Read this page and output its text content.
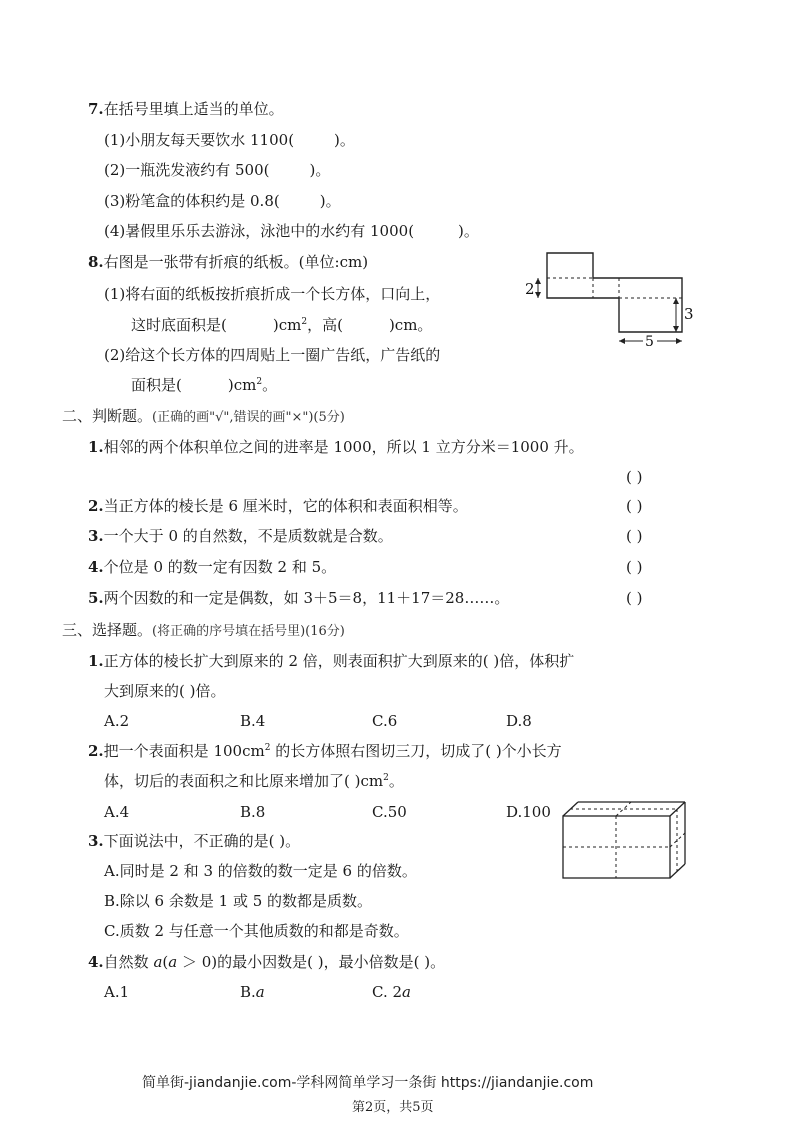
7.在括号里填上适当的单位。
(1)小朋友每天要饮水 1100(	)。
(2)一瓶洗发液约有 500(	)。
(3)粉笔盒的体积约是 0.8(	)。
(4)暑假里乐乐去游泳，泳池中的水约有 1000(	)。
8.右图是一张带有折痕的纸板。(单位:cm)
(1)将右面的纸板按折痕折成一个长方体，口向上，
这时底面积是(	)$cm^2$，高(	)cm。
(2)给这个长方体的四周贴上一圈广告纸，广告纸的
面积是(	)$cm^2$。
2
3
5
二、判断题。(正确的画"√",错误的画"×")(5分)
1.相邻的两个体积单位之间的进率是 1000，所以 1 立方分米＝1000 升。
( )
2.当正方体的棱长是 6 厘米时，它的体积和表面积相等。	( )
3.一个大于 0 的自然数，不是质数就是合数。	( )
4.个位是 0 的数一定有因数 2 和 5。	( )
5.两个因数的和一定是偶数，如 3＋5＝8，11＋17＝28……。	( )
三、选择题。(将正确的序号填在括号里)(16分)
1.正方体的棱长扩大到原来的 2 倍，则表面积扩大到原来的( )倍，体积扩
大到原来的( )倍。
A.2	B.4	C.6	D.8
2.把一个表面积是 $100cm^2$ 的长方体照右图切三刀，切成了( )个小长方
体，切后的表面积之和比原来增加了( )$cm^2$。
A.4	B.8	C.50	D.100
3.下面说法中，不正确的是( )。
A.同时是 2 和 3 的倍数的数一定是 6 的倍数。
B.除以 6 余数是 1 或 5 的数都是质数。
C.质数 2 与任意一个其他质数的和都是奇数。
4.自然数 a(a ＞ 0)的最小因数是( )，最小倍数是( )。
A.1	B.a	C. 2a
简单街-jiandanjie.com-学科网简单学习一条街 https://jiandanjie.com
第2页，共5页
